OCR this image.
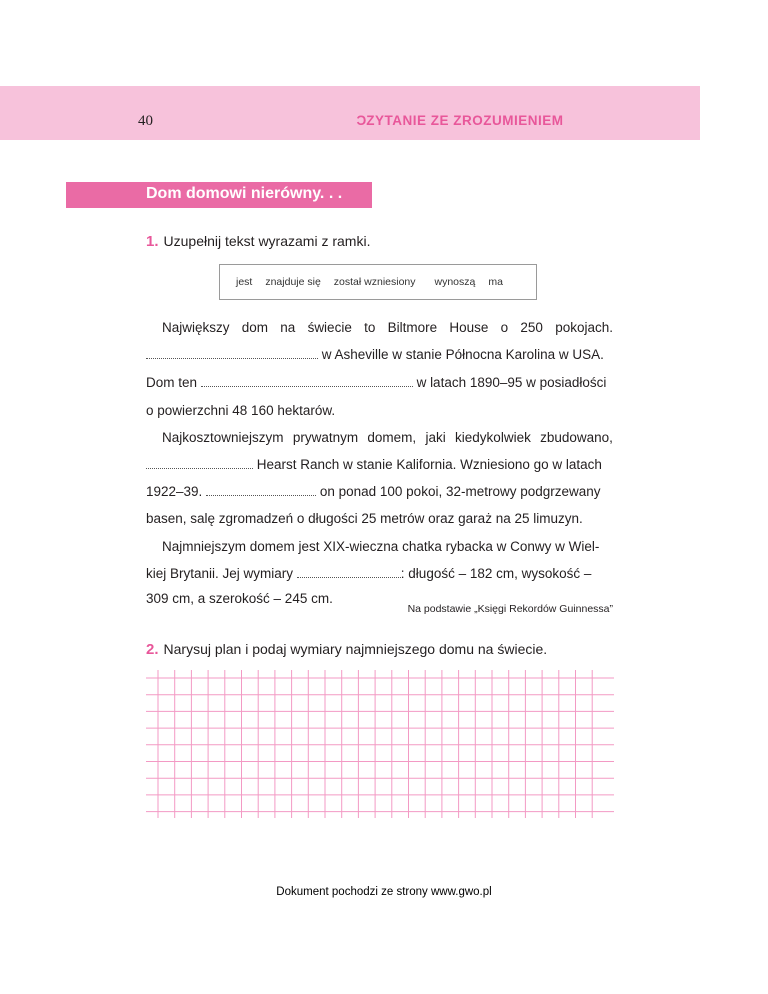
40	CZYTANIE ZE ZROZUMIENIEM
Dom domowi nierówny. . .
1. Uzupełnij tekst wyrazami z ramki.
jest znajduje się został wzniesiony wynoszą ma
Największy dom na świecie to Biltmore House o 250 pokojach.
w Asheville w stanie Północna Karolina w USA.
Dom ten	w latach 1890–95 w posiadłości
o powierzchni 48 160 hektarów.
Najkosztowniejszym prywatnym domem, jaki kiedykolwiek zbudowano,
Hearst Ranch w stanie Kalifornia. Wzniesiono go w latach
1922–39.	on ponad 100 pokoi, 32-metrowy podgrzewany
basen, salę zgromadzeń o długości 25 metrów oraz garaż na 25 limuzyn.
Najmniejszym domem jest XIX-wieczna chatka rybacka w Conwy w Wiel-
kiej Brytanii. Jej wymiary	: długość – 182 cm, wysokość –
309 cm, a szerokość – 245 cm.
Na podstawie „Księgi Rekordów Guinnessa”
2. Narysuj plan i podaj wymiary najmniejszego domu na świecie.
Dokument pochodzi ze strony www.gwo.pl
